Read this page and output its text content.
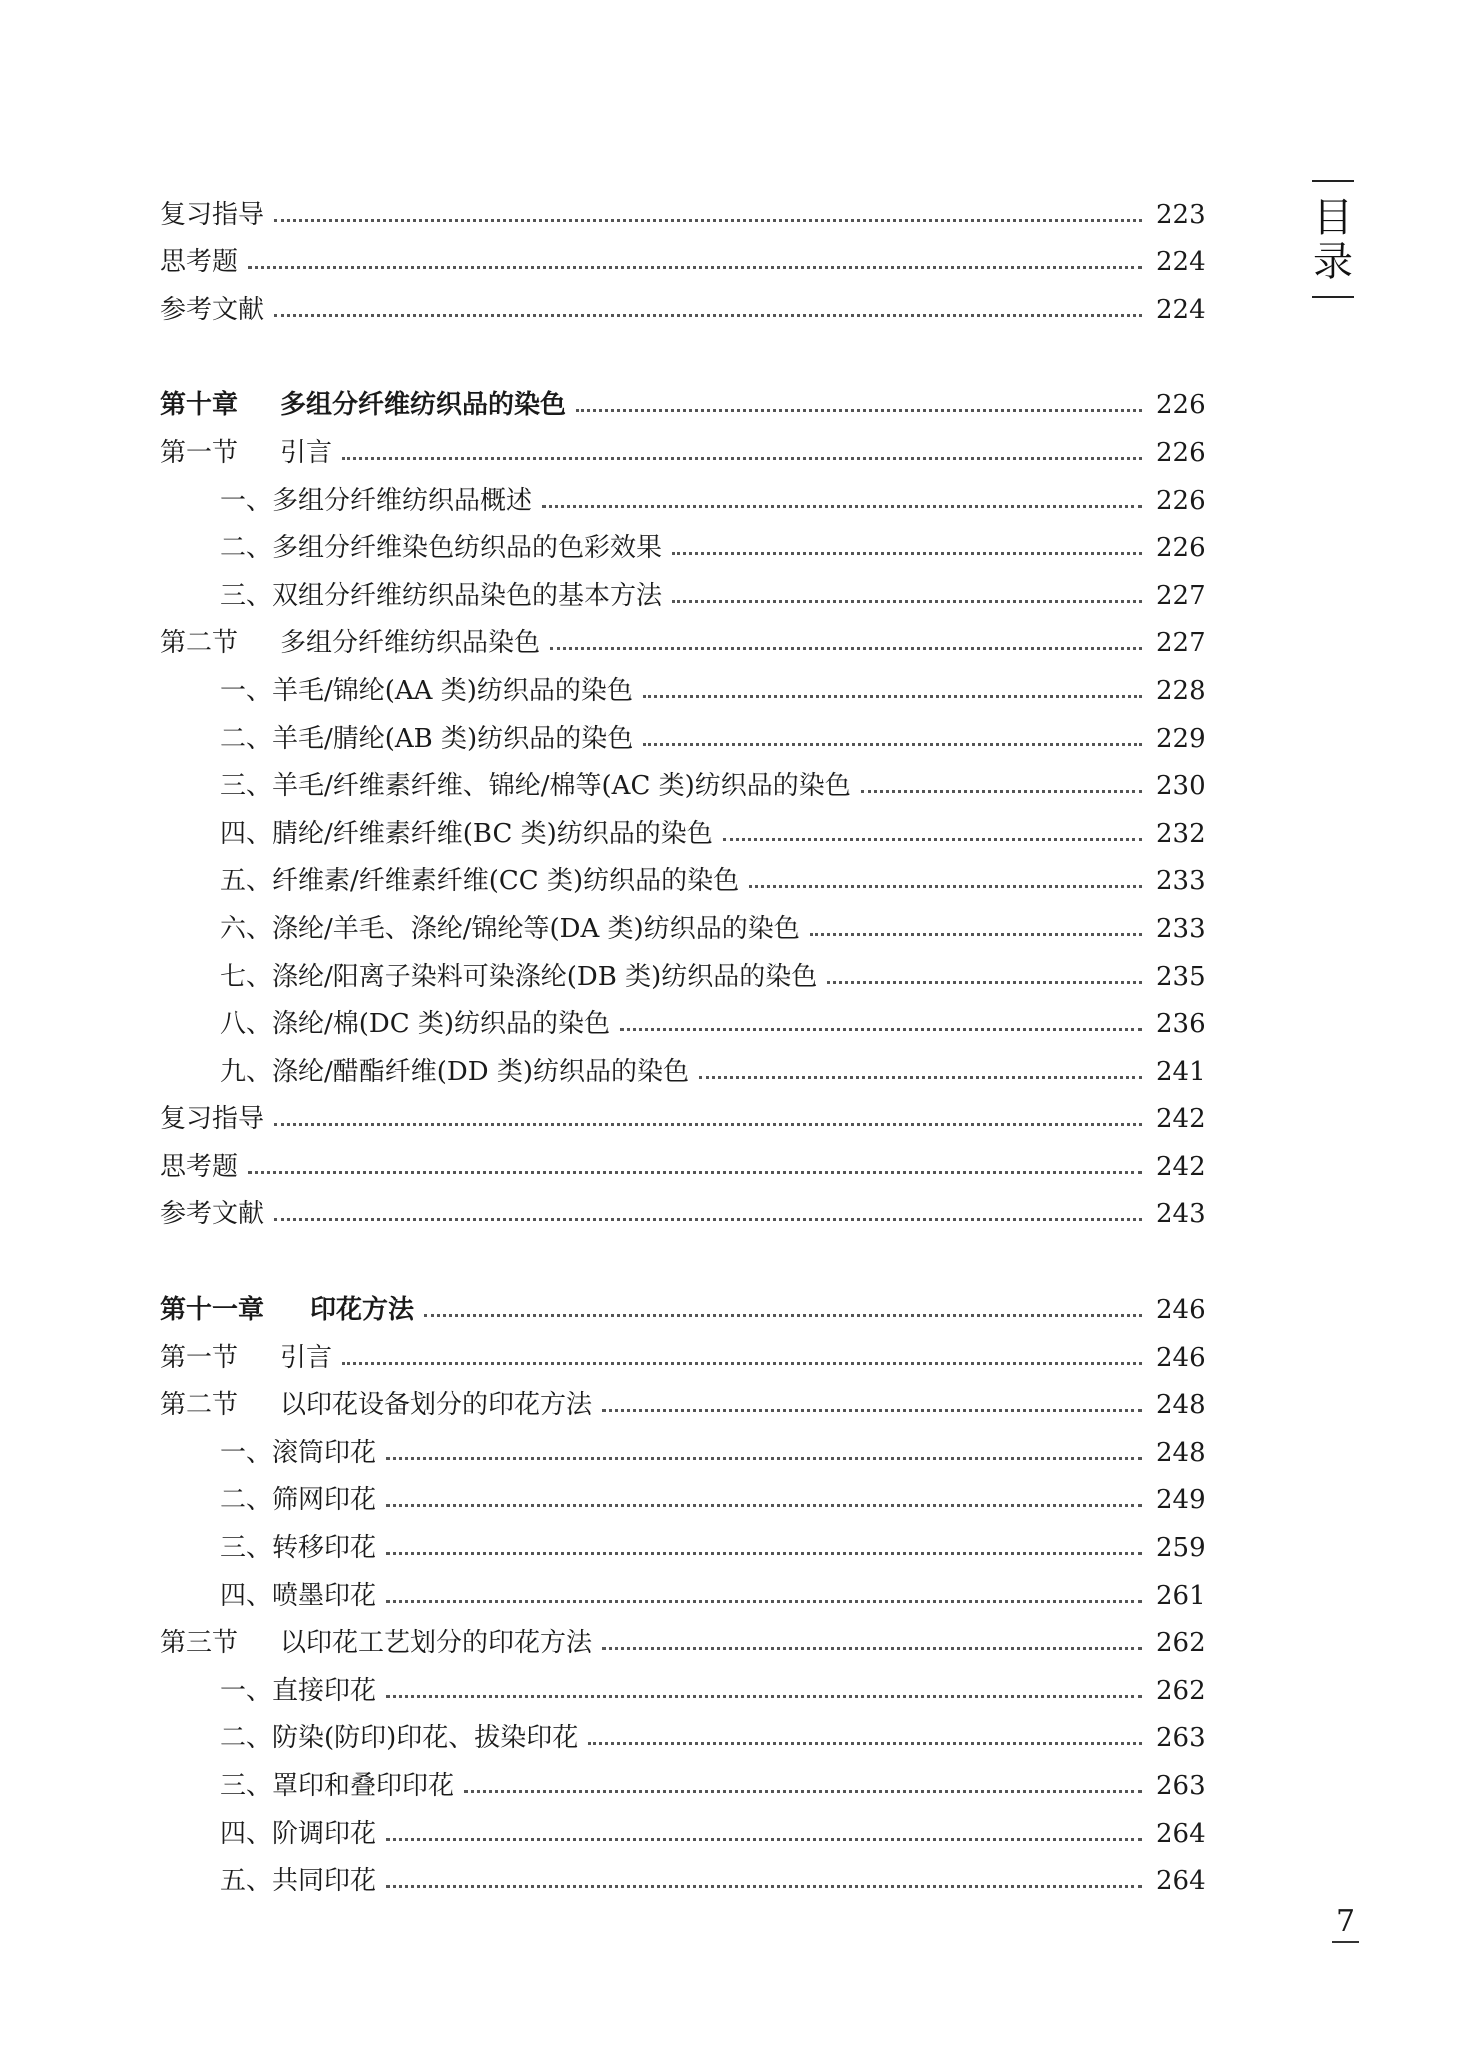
复习指导	223
思考题	224
参考文献	224
第十章	多组分纤维纺织品的染色	226
第一节	引言	226
一、多组分纤维纺织品概述	226
二、多组分纤维染色纺织品的色彩效果	226
三、双组分纤维纺织品染色的基本方法	227
第二节	多组分纤维纺织品染色	227
一、羊毛/锦纶(AA 类)纺织品的染色	228
二、羊毛/腈纶(AB 类)纺织品的染色	229
三、羊毛/纤维素纤维、锦纶/棉等(AC 类)纺织品的染色	230
四、腈纶/纤维素纤维(BC 类)纺织品的染色	232
五、纤维素/纤维素纤维(CC 类)纺织品的染色	233
六、涤纶/羊毛、涤纶/锦纶等(DA 类)纺织品的染色	233
七、涤纶/阳离子染料可染涤纶(DB 类)纺织品的染色	235
八、涤纶/棉(DC 类)纺织品的染色	236
九、涤纶/醋酯纤维(DD 类)纺织品的染色	241
复习指导	242
思考题	242
参考文献	243
第十一章	印花方法	246
第一节	引言	246
第二节	以印花设备划分的印花方法	248
一、滚筒印花	248
二、筛网印花	249
三、转移印花	259
四、喷墨印花	261
第三节	以印花工艺划分的印花方法	262
一、直接印花	262
二、防染(防印)印花、拔染印花	263
三、罩印和叠印印花	263
四、阶调印花	264
五、共同印花	264
目
录
7
